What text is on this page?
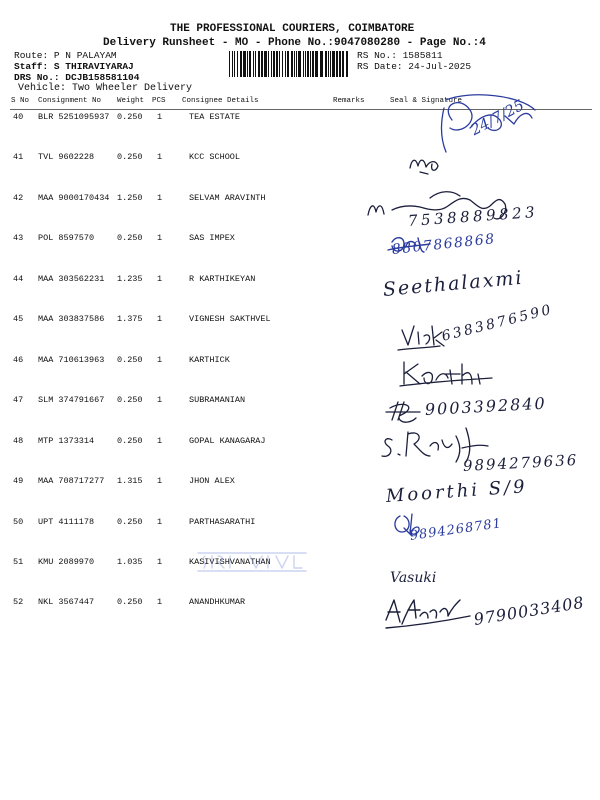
THE PROFESSIONAL COURIERS, COIMBATORE
Delivery Runsheet - MO - Phone No.:9047080280 - Page No.:4
Route: P N PALAYAM
Staff: S THIRAVIYARAJ
DRS No.: DCJB158581104
Vehicle: Two Wheeler Delivery
RS No.: 1585811
RS Date: 24-Jul-2025
S No Consignment No Weight PCS Consignee Details	Remarks	Seal & Signature
40 BLR 5251095937 0.250 1	TEA ESTATE
41 TVL 9602228	0.250 1	KCC SCHOOL
42 MAA 9000170434 1.250 1	SELVAM ARAVINTH
43 POL 8597570	0.250 1	SAS IMPEX
44 MAA 303562231 1.235 1	R KARTHIKEYAN
45 MAA 303837586 1.375 1	VIGNESH SAKTHVEL
46 MAA 710613963 0.250 1	KARTHICK
47 SLM 374791667 0.250 1	SUBRAMANIAN
48 MTP 1373314	0.250 1	GOPAL KANAGARAJ
49 MAA 708717277 1.315 1	JHON ALEX
50 UPT 4111178	0.250 1	PARTHASARATHI
51 KMU 2089970	1.035 1	KASIVISHVANATHAN
52 NKL 3567447	0.250 1	ANANDHKUMAR
24/7/25
7538889823
8807868868
Seethalaxmi
6383876590
9003392840
9894279636
Moorthi S/9
9894268781
Vasuki
9790033408
